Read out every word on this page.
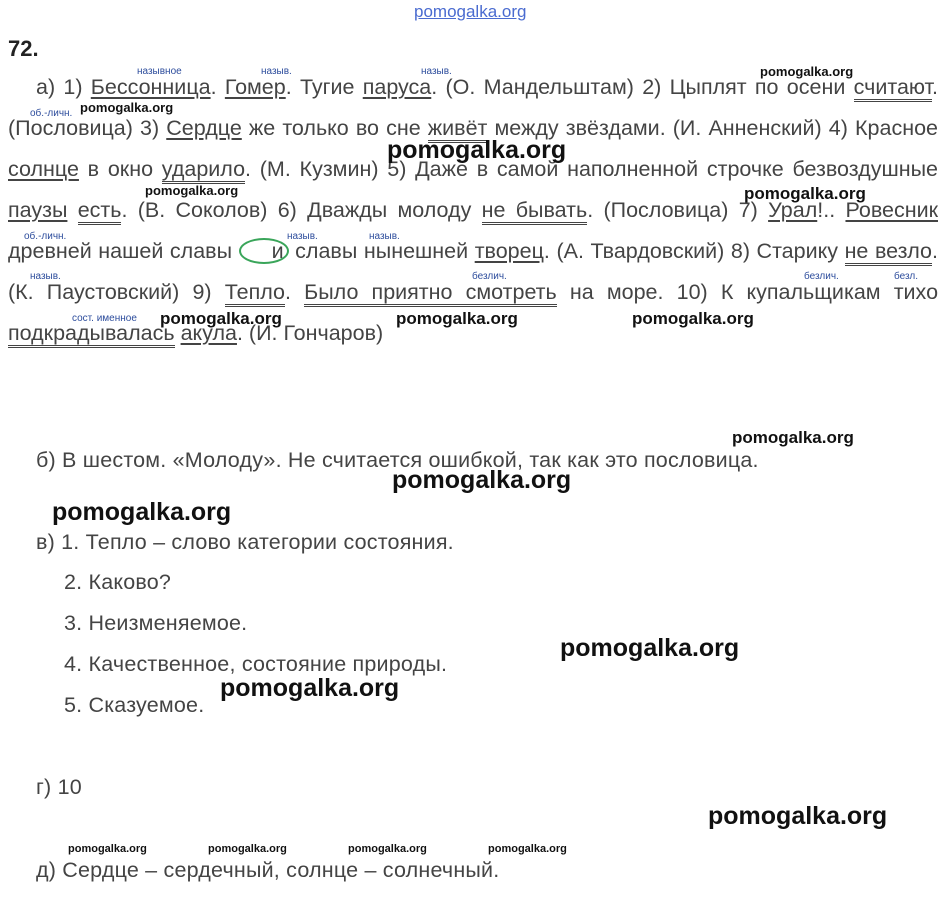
pomogalka.org
72.
а) 1) Бессонница. Гомер. Тугие паруса. (О. Мандельштам) 2) Цыплят по осени считают. (Пословица) 3) Сердце же только во сне живёт между звёздами. (И. Анненский) 4) Красное солнце в окно ударило. (М. Кузмин) 5) Даже в самой наполненной строчке безвоздушные паузы есть. (В. Соколов) 6) Дважды молоду не бывать. (Пословица) 7) Урал!.. Ровесник древней нашей славы и славы нынешней творец. (А. Твардовский) 8) Старику не везло. (К. Паустовский) 9) Тепло. Было приятно смотреть на море. 10) К купальщикам тихо подкрадывалась акула. (И. Гончаров)
назывное	назыв.	назыв.
об.-личн.
об.-личн.	назыв.	назыв.
назыв.	безлич.	безлич.	безл.
сост. именное
б) В шестом. «Молоду». Не считается ошибкой, так как это пословица.
в) 1. Тепло – слово категории состояния.
2. Каково?
3. Неизменяемое.
4. Качественное, состояние природы.
5. Сказуемое.
г) 10
д) Сердце – сердечный, солнце – солнечный.
pomogalka.org
pomogalka.org
pomogalka.org
pomogalka.org	pomogalka.org
pomogalka.org	pomogalka.org	pomogalka.org
pomogalka.org
pomogalka.org
pomogalka.org
pomogalka.org
pomogalka.org
pomogalka.org
pomogalka.org	pomogalka.org	pomogalka.org	pomogalka.org
